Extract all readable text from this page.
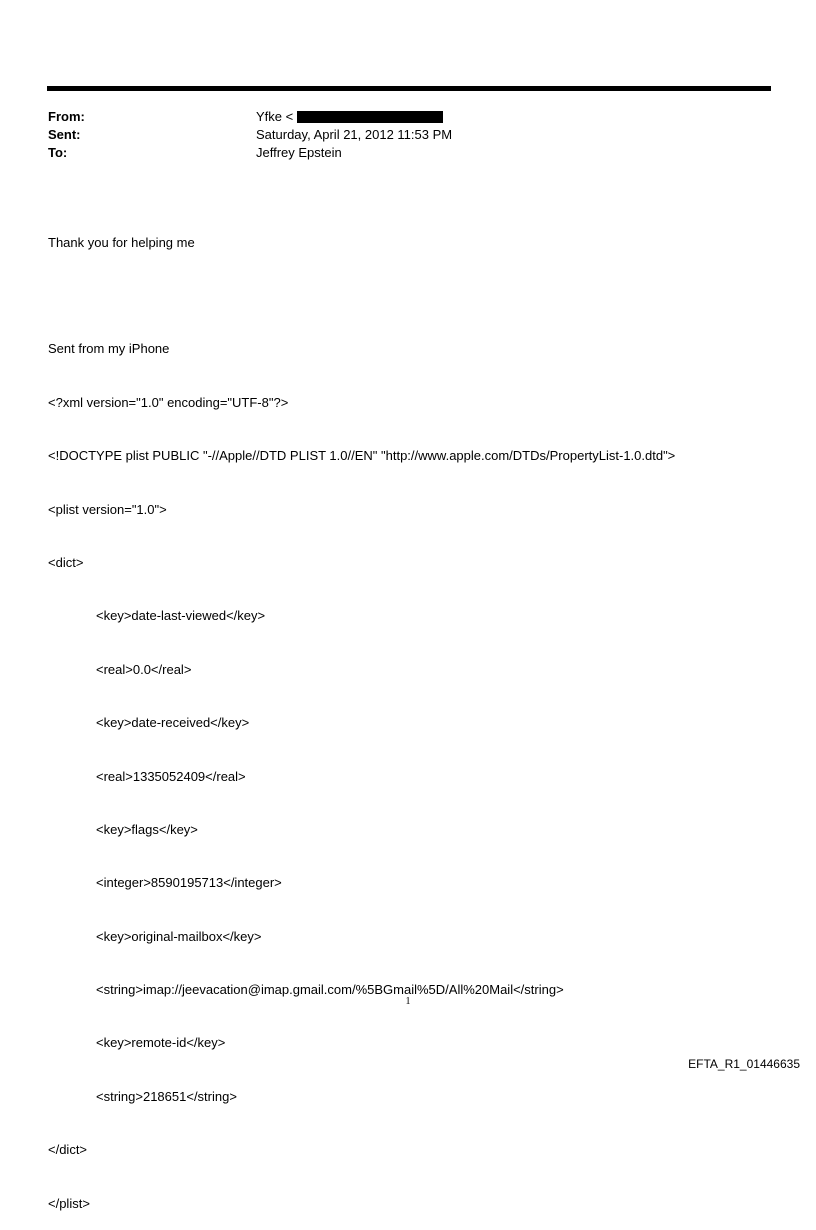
From:	Yfke <
Sent:	Saturday, April 21, 2012 11:53 PM
To:	Jeffrey Epstein

Thank you for helping me

Sent from my iPhone

<?xml version="1.0" encoding="UTF-8"?>

<!DOCTYPE plist PUBLIC "-//Apple//DTD PLIST 1.0//EN" "http://www.apple.com/DTDs/PropertyList-1.0.dtd">

<plist version="1.0">

<dict>

<key>date-last-viewed</key>

<real>0.0</real>

<key>date-received</key>

<real>1335052409</real>

<key>flags</key>

<integer>8590195713</integer>

<key>original-mailbox</key>

<string>imap://jeevacation@imap.gmail.com/%5BGmail%5D/All%20Mail</string>

<key>remote-id</key>

<string>218651</string>

</dict>

</plist>

1
EFTA_R1_01446635
